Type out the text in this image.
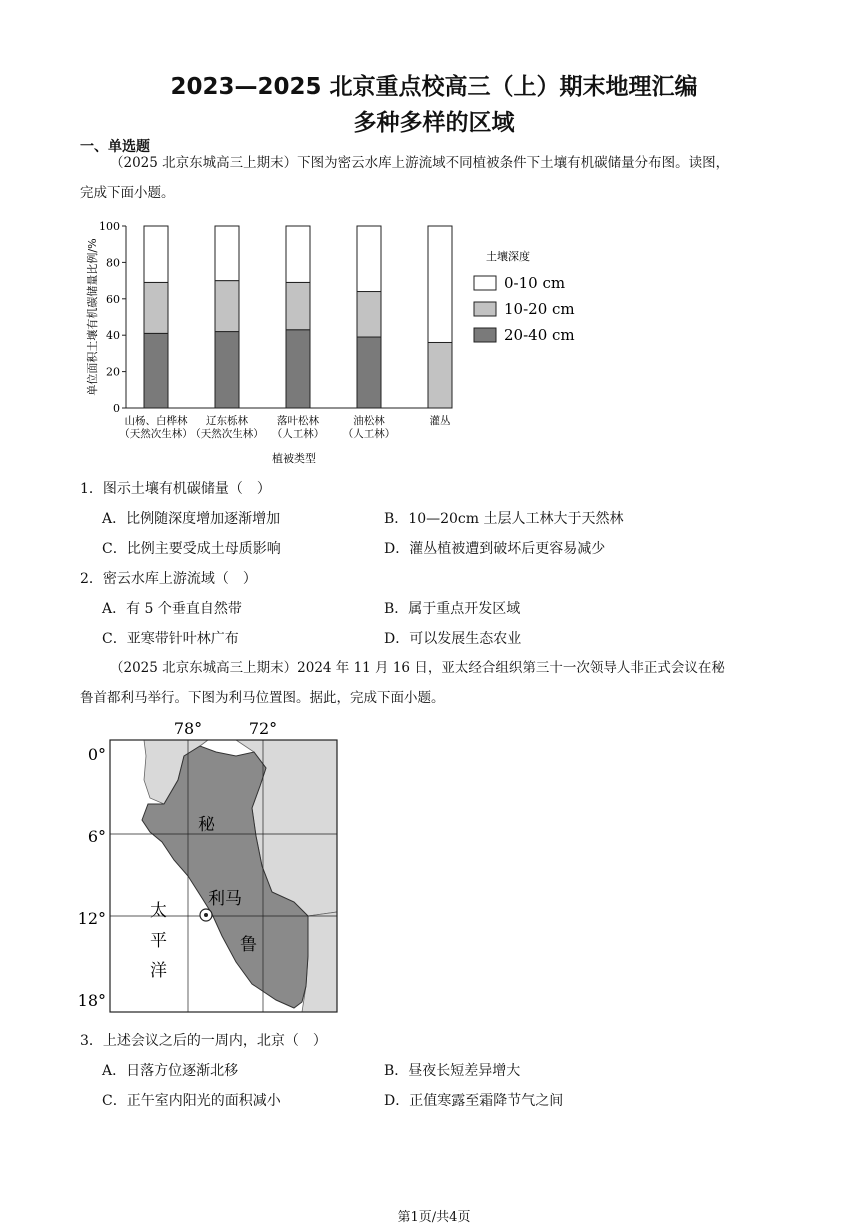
2023—2025 北京重点校高三（上）期末地理汇编
多种多样的区域
一、单选题
（2025 北京东城高三上期末）下图为密云水库上游流域不同植被条件下土壤有机碳储量分布图。读图，
完成下面小题。
0
20
40
60
80
100
单位面积土壤有机碳储量比例/%
山杨、白桦林
（天然次生林）
辽东栎林
（天然次生林）
落叶松林
（人工林）
油松林
（人工林）
灌丛
植被类型
土壤深度
0-10 cm
10-20 cm
20-40 cm
1．图示土壤有机碳储量（　）
A．比例随深度增加逐渐增加	B．10—20cm 土层人工林大于天然林
C．比例主要受成土母质影响	D．灌丛植被遭到破坏后更容易减少
2．密云水库上游流域（　）
A．有 5 个垂直自然带	B．属于重点开发区域
C．亚寒带针叶林广布	D．可以发展生态农业
（2025 北京东城高三上期末）2024 年 11 月 16 日，亚太经合组织第三十一次领导人非正式会议在秘
鲁首都利马举行。下图为利马位置图。据此，完成下面小题。
78°	72°
0°
6°
12°
18°
秘
鲁
利马
太
平
洋
3．上述会议之后的一周内，北京（　）
A．日落方位逐渐北移	B．昼夜长短差异增大
C．正午室内阳光的面积减小	D．正值寒露至霜降节气之间
第1页/共4页
